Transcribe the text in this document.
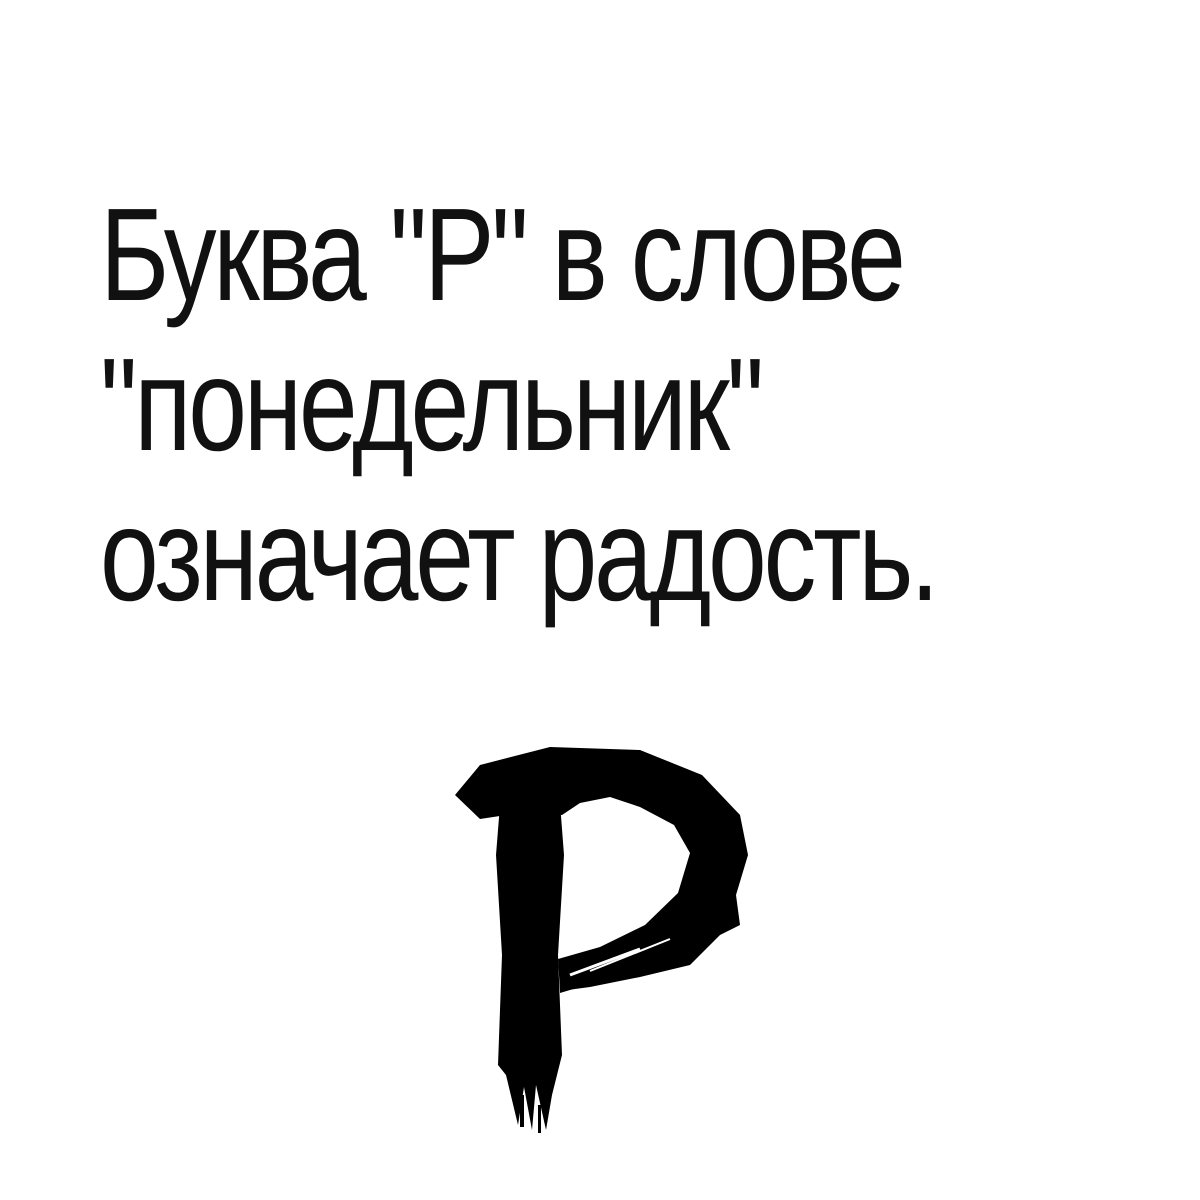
Буква "Р" в слове
"понедельник"
означает радость.
